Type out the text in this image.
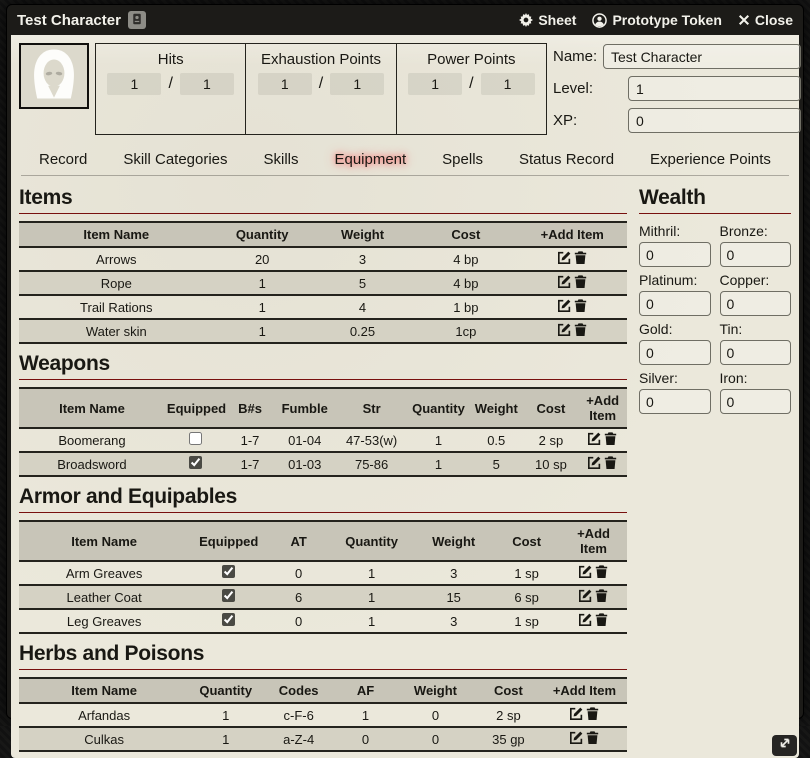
Test Character	Sheet	Prototype Token Close
Hits
1
/
1
Exhaustion Points
1
/
1
Power Points
1
/
1
Name:
Test Character
Level:
1
XP:
0
Record Skill Categories Skills Equipment Spells Status Record Experience Points
Items
Item Name	Quantity	Weight	Cost	+Add Item
Arrows	20	3	4 bp	

Rope	1	5	4 bp	

Trail Rations	1	4	1 bp	

Water skin	1	0.25	1cp	
Weapons
Item Name	Equipped	B#s	Fumble	Str	Quantity	Weight	Cost	+Add Item
Boomerang		1-7	01-04	47-53(w)	1	0.5	2 sp	

Broadsword		1-7	01-03	75-86	1	5	10 sp	
Armor and Equipables
Item Name	Equipped	AT	Quantity	Weight	Cost	+Add Item
Arm Greaves		0	1	3	1 sp	

Leather Coat		6	1	15	6 sp	

Leg Greaves		0	1	3	1 sp	
Herbs and Poisons
Item Name	Quantity	Codes	AF	Weight	Cost	+Add Item
Arfandas	1	c-F-6	1	0	2 sp	

Culkas	1	a-Z-4	0	0	35 gp	
Wealth
Mithril:
0	Bronze:
0
Platinum:
0	Copper:
0
Gold:
0	Tin:
0
Silver:
0	Iron:
0
